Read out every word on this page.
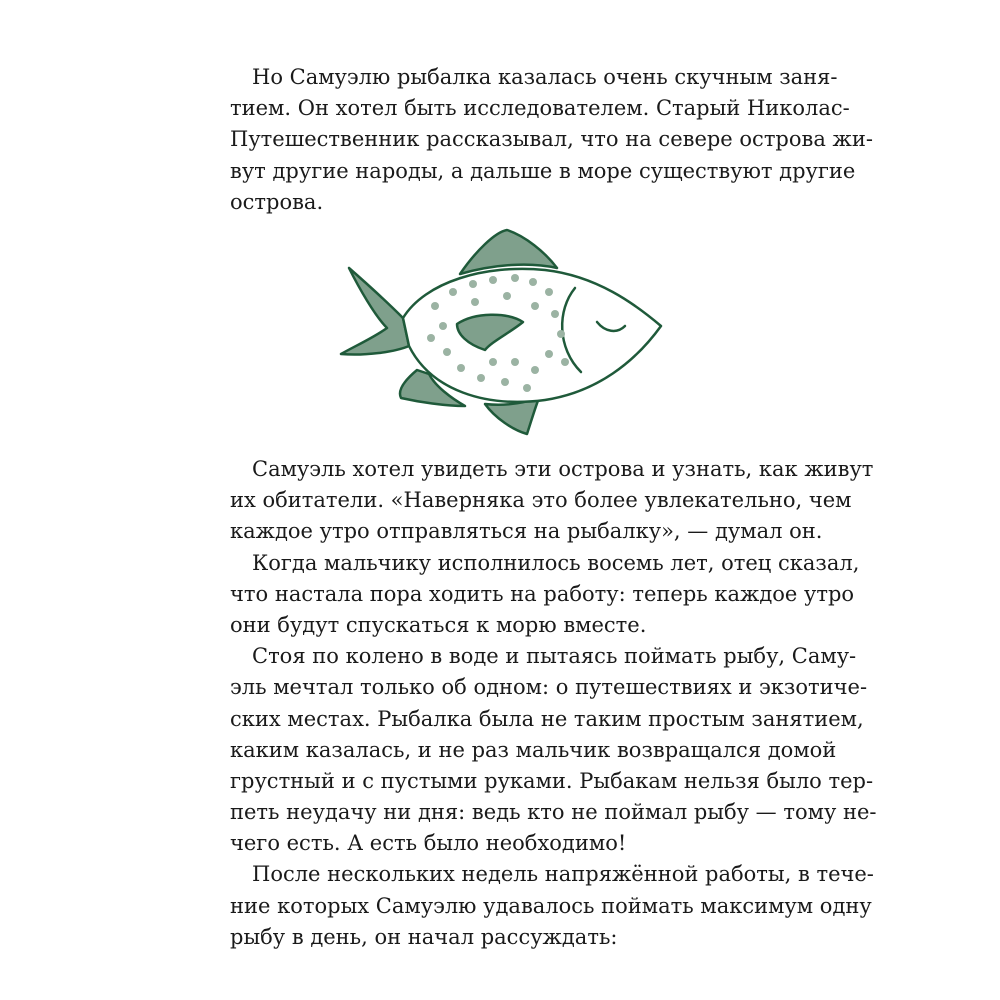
Но Самуэлю рыбалка казалась очень скучным заня-
тием. Он хотел быть исследователем. Старый Николас-
Путешественник рассказывал, что на севере острова жи-
вут другие народы, а дальше в море существуют другие
острова.
Самуэль хотел увидеть эти острова и узнать, как живут
их обитатели. «Наверняка это более увлекательно, чем
каждое утро отправляться на рыбалку», — думал он.
Когда мальчику исполнилось восемь лет, отец сказал,
что настала пора ходить на работу: теперь каждое утро
они будут спускаться к морю вместе.
Стоя по колено в воде и пытаясь поймать рыбу, Саму-
эль мечтал только об одном: о путешествиях и экзотиче-
ских местах. Рыбалка была не таким простым занятием,
каким казалась, и не раз мальчик возвращался домой
грустный и с пустыми руками. Рыбакам нельзя было тер-
петь неудачу ни дня: ведь кто не поймал рыбу — тому не-
чего есть. А есть было необходимо!
После нескольких недель напряжённой работы, в тече-
ние которых Самуэлю удавалось поймать максимум одну
рыбу в день, он начал рассуждать:
